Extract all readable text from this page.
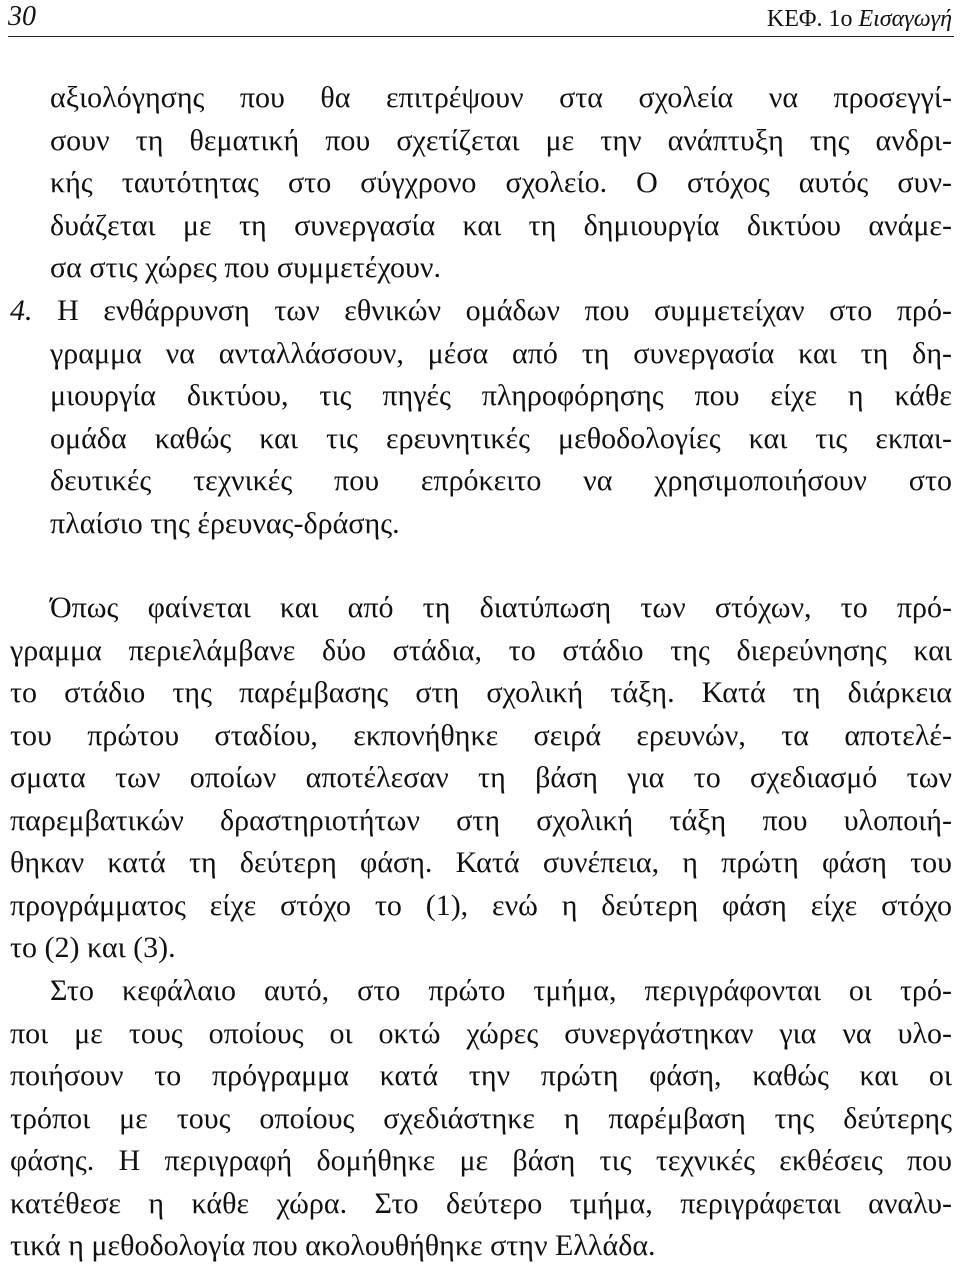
30	ΚΕΦ. 1ο Εισαγωγή
αξιολόγησης που θα επιτρέψουν στα σχολεία να προσεγγί-
σουν τη θεματική που σχετίζεται με την ανάπτυξη της ανδρι-
κής ταυτότητας στο σύγχρονο σχολείο. Ο στόχος αυτός συν-
δυάζεται με τη συνεργασία και τη δημιουργία δικτύου ανάμε-
σα στις χώρες που συμμετέχουν.
4. Η ενθάρρυνση των εθνικών ομάδων που συμμετείχαν στο πρό-
γραμμα να ανταλλάσσουν, μέσα από τη συνεργασία και τη δη-
μιουργία δικτύου, τις πηγές πληροφόρησης που είχε η κάθε
ομάδα καθώς και τις ερευνητικές μεθοδολογίες και τις εκπαι-
δευτικές τεχνικές που επρόκειτο να χρησιμοποιήσουν στο
πλαίσιο της έρευνας-δράσης.
Όπως φαίνεται και από τη διατύπωση των στόχων, το πρό-
γραμμα περιελάμβανε δύο στάδια, το στάδιο της διερεύνησης και
το στάδιο της παρέμβασης στη σχολική τάξη. Κατά τη διάρκεια
του πρώτου σταδίου, εκπονήθηκε σειρά ερευνών, τα αποτελέ-
σματα των οποίων αποτέλεσαν τη βάση για το σχεδιασμό των
παρεμβατικών δραστηριοτήτων στη σχολική τάξη που υλοποιή-
θηκαν κατά τη δεύτερη φάση. Κατά συνέπεια, η πρώτη φάση του
προγράμματος είχε στόχο το (1), ενώ η δεύτερη φάση είχε στόχο
το (2) και (3).
Στο κεφάλαιο αυτό, στο πρώτο τμήμα, περιγράφονται οι τρό-
ποι με τους οποίους οι οκτώ χώρες συνεργάστηκαν για να υλο-
ποιήσουν το πρόγραμμα κατά την πρώτη φάση, καθώς και οι
τρόποι με τους οποίους σχεδιάστηκε η παρέμβαση της δεύτερης
φάσης. Η περιγραφή δομήθηκε με βάση τις τεχνικές εκθέσεις που
κατέθεσε η κάθε χώρα. Στο δεύτερο τμήμα, περιγράφεται αναλυ-
τικά η μεθοδολογία που ακολουθήθηκε στην Ελλάδα.
